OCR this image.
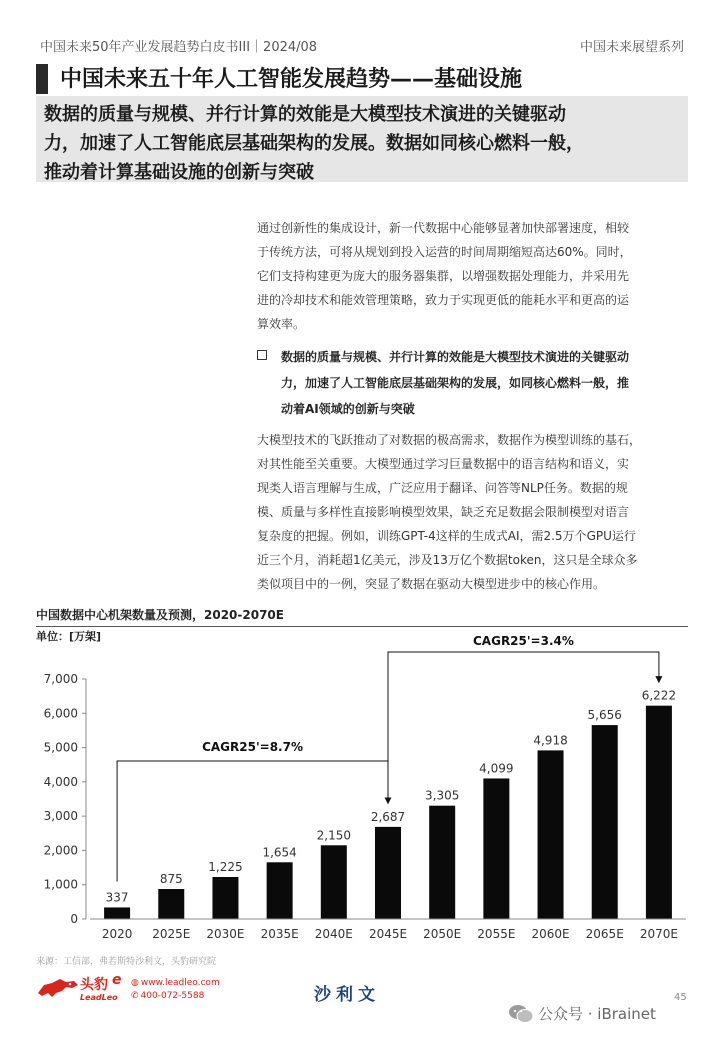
中国未来50年产业发展趋势白皮书III｜2024/08	中国未来展望系列
中国未来五十年人工智能发展趋势——基础设施
数据的质量与规模、并行计算的效能是大模型技术演进的关键驱动
力，加速了人工智能底层基础架构的发展。数据如同核心燃料一般，
推动着计算基础设施的创新与突破
通过创新性的集成设计，新一代数据中心能够显著加快部署速度，相较
于传统方法，可将从规划到投入运营的时间周期缩短高达60%。同时，
它们支持构建更为庞大的服务器集群，以增强数据处理能力，并采用先
进的冷却技术和能效管理策略，致力于实现更低的能耗水平和更高的运
算效率。
数据的质量与规模、并行计算的效能是大模型技术演进的关键驱动
力，加速了人工智能底层基础架构的发展，如同核心燃料一般，推
动着AI领域的创新与突破
大模型技术的飞跃推动了对数据的极高需求，数据作为模型训练的基石，
对其性能至关重要。大模型通过学习巨量数据中的语言结构和语义，实
现类人语言理解与生成，广泛应用于翻译、问答等NLP任务。数据的规
模、质量与多样性直接影响模型效果，缺乏充足数据会限制模型对语言
复杂度的把握。例如，训练GPT-4这样的生成式AI，需2.5万个GPU运行
近三个月，消耗超1亿美元，涉及13万亿个数据token，这只是全球众多
类似项目中的一例，突显了数据在驱动大模型进步中的核心作用。
中国数据中心机架数量及预测，2020-2070E
单位：[万架]
0
1,000
2,000
3,000
4,000
5,000
6,000
7,000
337
2020
875
2025E
1,225
2030E
1,654
2035E
2,150
2040E
2,687
2045E
3,305
2050E
4,099
2055E
4,918
2060E
5,656
2065E
6,222
2070E
CAGR25'=8.7%
CAGR25'=3.4%
来源：工信部，弗若斯特沙利文，头豹研究院
头豹 e
LeadLeo
◍ www.leadleo.com
✆ 400-072-5588	沙利文	45
公众号 · iBrainet
